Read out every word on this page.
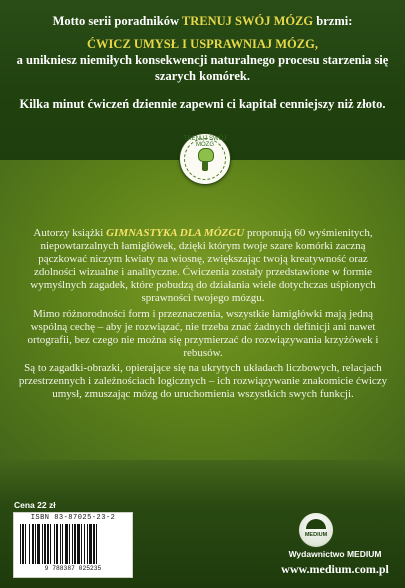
Motto serii poradników TRENUJ SWÓJ MÓZG brzmi:

ĆWICZ UMYSŁ I USPRAWNIAJ MÓZG,
a unikniesz niemiłych konsekwencji naturalnego procesu starzenia się szarych komórek.

Kilka minut ćwiczeń dziennie zapewni ci kapitał cenniejszy niż złoto.

TRENUJ SWÓJ MÓZG

Autorzy książki GIMNASTYKA DLA MÓZGU proponują 60 wyśmienitych, niepowtarzalnych łamigłówek, dzięki którym twoje szare komórki zaczną pączkować niczym kwiaty na wiosnę, zwiększając twoją kreatywność oraz zdolności wizualne i analityczne. Ćwiczenia zostały przedstawione w formie wymyślnych zagadek, które pobudzą do działania wiele dotychczas uśpionych sprawności twojego mózgu.

Mimo różnorodności form i przeznaczenia, wszystkie łamigłówki mają jedną wspólną cechę – aby je rozwiązać, nie trzeba znać żadnych definicji ani nawet ortografii, bez czego nie można się przymierzać do rozwiązywania krzyżówek i rebusów.

Są to zagadki-obrazki, opierające się na ukrytych układach liczbowych, relacjach przestrzennych i zależnościach logicznych – ich rozwiązywanie znakomicie ćwiczy umysł, zmuszając mózg do uruchomienia wszystkich swych funkcji.

Cena 22 zł
ISBN 83-87025-23-2
9 788387 025235
MEDIUM
Wydawnictwo MEDIUM
www.medium.com.pl
